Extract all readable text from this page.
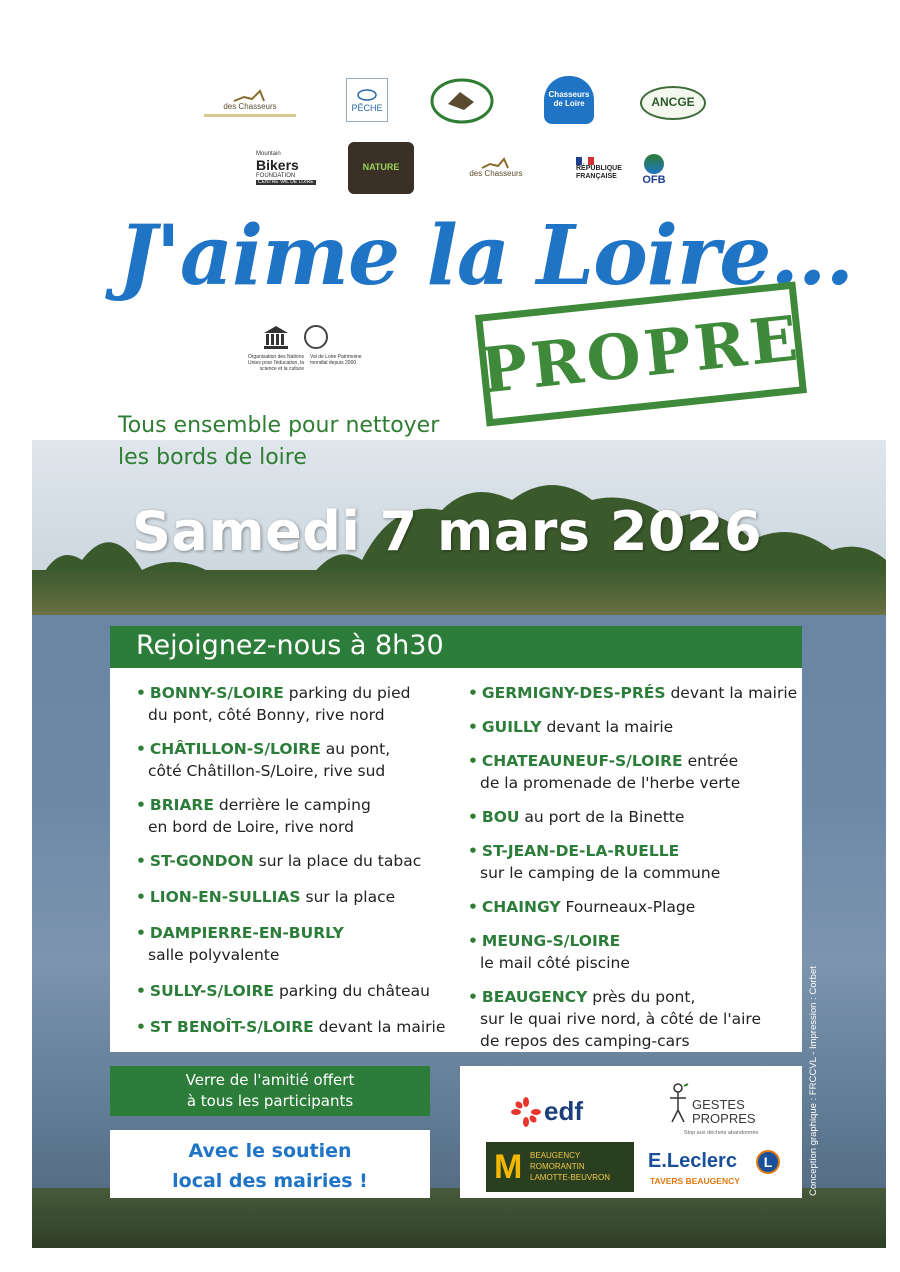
des Chasseurs	PÊCHE
Chasseurs de Loire	ANCGE
Mountain
Bikers
FOUNDATION
CENTRE VAL DE LOIRE
NATURE
des Chasseurs	RÉPUBLIQUE
FRANÇAISE OFB
J'aime la Loire...
Organisation des Nations Unies pour l'éducation, la science et la culture
Val de Loire Patrimoine mondial depuis 2000 PROPRE
Tous ensemble pour nettoyer
les bords de loire
Samedi 7 mars 2026
Rejoignez-nous à 8h30
• BONNY-S/LOIRE parking du pied
du pont, côté Bonny, rive nord
• CHÂTILLON-S/LOIRE au pont,
côté Châtillon-S/Loire, rive sud
• BRIARE derrière le camping
en bord de Loire, rive nord
• ST-GONDON sur la place du tabac
• LION-EN-SULLIAS sur la place
• DAMPIERRE-EN-BURLY
salle polyvalente
• SULLY-S/LOIRE parking du château
• ST BENOÎT-S/LOIRE devant la mairie
• GERMIGNY-DES-PRÉS devant la mairie
• GUILLY devant la mairie
• CHATEAUNEUF-S/LOIRE entrée
de la promenade de l'herbe verte
• BOU au port de la Binette
• ST-JEAN-DE-LA-RUELLE
sur le camping de la commune
• CHAINGY Fourneaux-Plage
• MEUNG-S/LOIRE
le mail côté piscine
• BEAUGENCY près du pont,
sur le quai rive nord, à côté de l'aire
de repos des camping-cars
Verre de l'amitié offert
à tous les participants
Avec le soutien
local des mairies !
edf	GESTES
PROPRES
Stop aux déchets abandonnés
M BEAUGENCY
ROMORANTIN
LAMOTTE-BEUVRON
E.Leclerc	L
TAVERS BEAUGENCY	Conception graphique : FRCCVL - Impression : Corbet
